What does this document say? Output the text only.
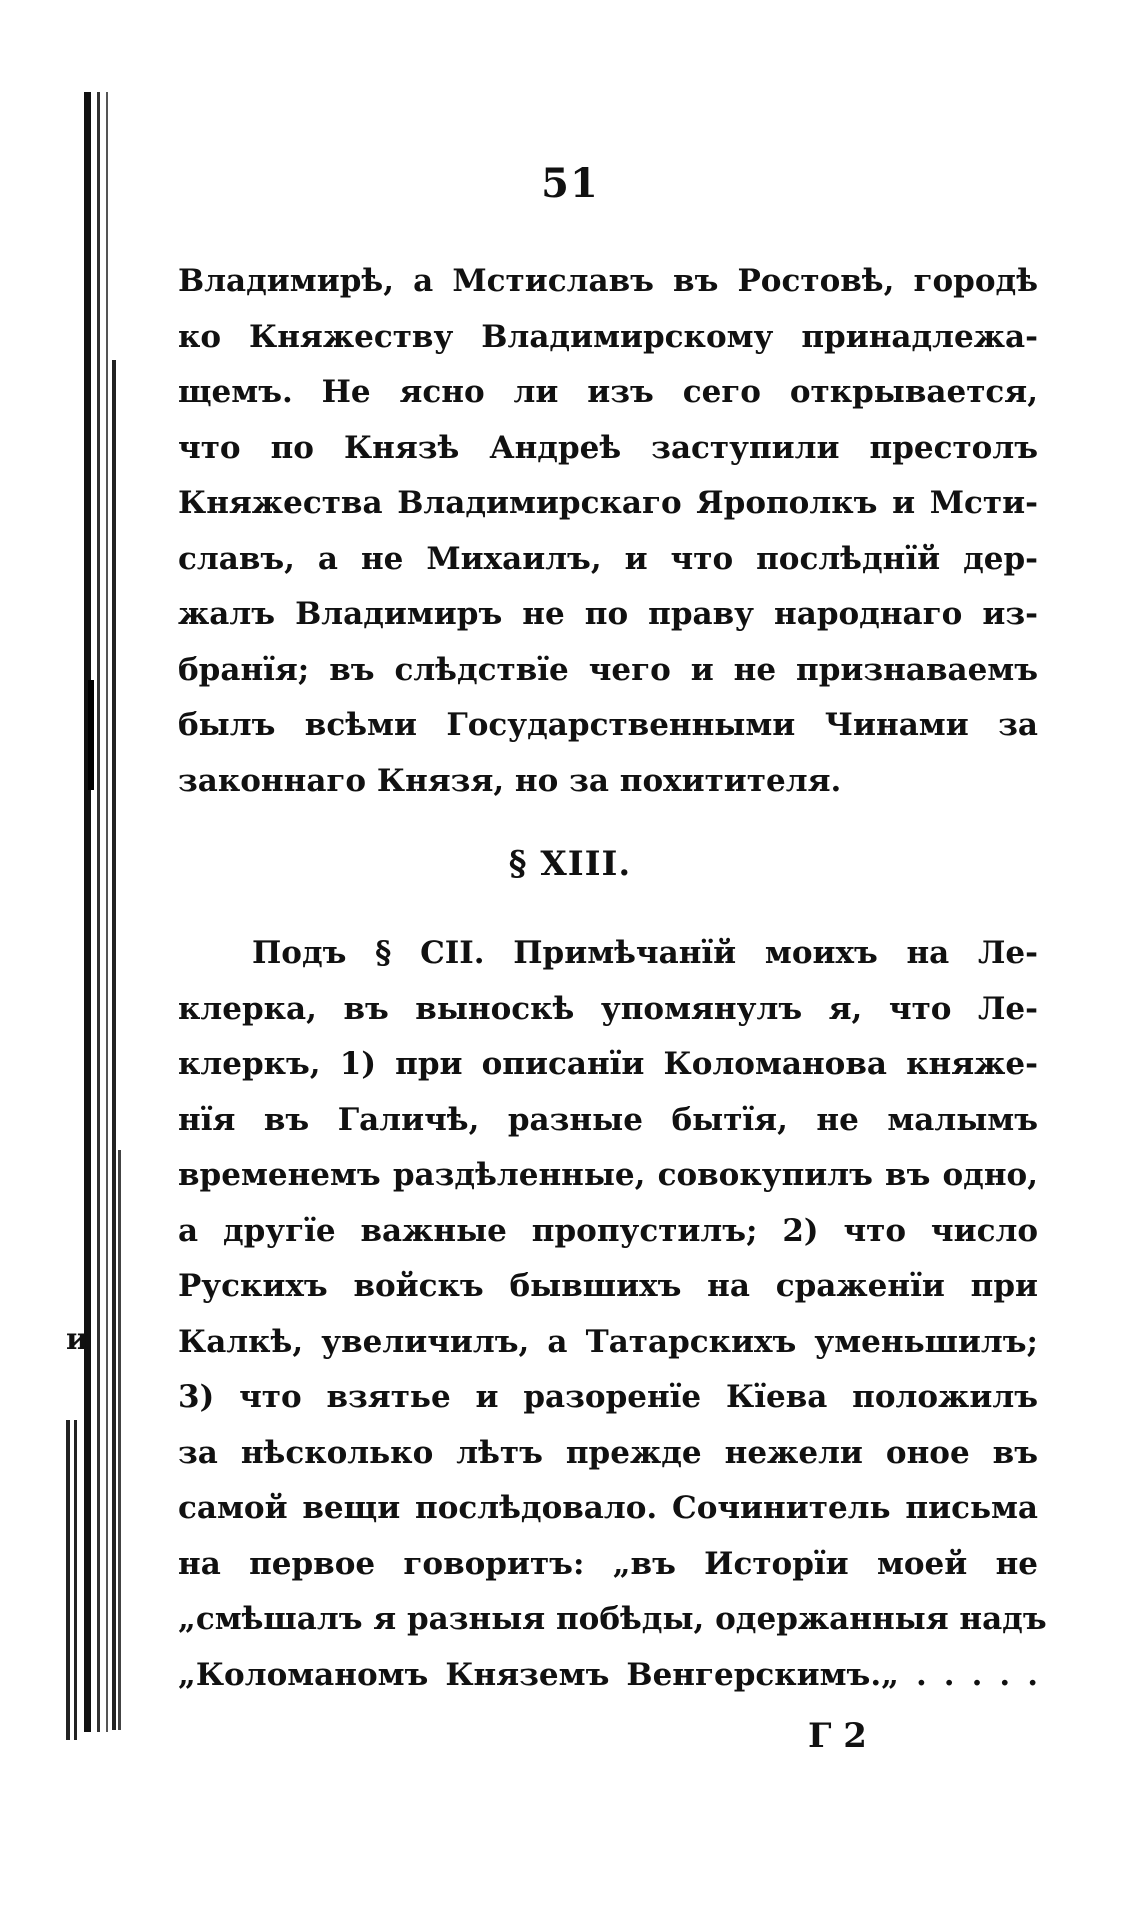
и
51
Владимирѣ, а Мстиславъ въ Ростовѣ, городѣ
ко Княжеству Владимирскому принадлежа-
щемъ. Не ясно ли изъ сего открывается,
что по Князѣ Андреѣ заступили престолъ
Княжества Владимирскаго Ярополкъ и Мсти-
славъ, а не Михаилъ, и что послѣднїй дер-
жалъ Владимиръ не по праву народнаго из-
бранїя; въ слѣдствїе чего и не признаваемъ
былъ всѣми Государственными Чинами за
законнаго Князя, но за похитителя.
§ XIII.
Подъ § CII. Примѣчанїй моихъ на Ле-
клерка, въ выноскѣ упомянулъ я, что Ле-
клеркъ, 1) при описанїи Коломанова княже-
нїя въ Галичѣ, разные бытїя, не малымъ
временемъ раздѣленные, совокупилъ въ одно,
а другїе важные пропустилъ; 2) что число
Рускихъ войскъ бывшихъ на сраженїи при
Калкѣ, увеличилъ, а Татарскихъ уменьшилъ;
3) что взятье и разоренїе Кїева положилъ
за нѣсколько лѣтъ прежде нежели оное въ
самой вещи послѣдовало. Сочинитель письма
на первое говоритъ: „въ Исторїи моей не
„смѣшалъ я разныя побѣды, одержанныя надъ
„Коломаномъ Княземъ Венгерскимъ.„ . . . . .
Г 2
